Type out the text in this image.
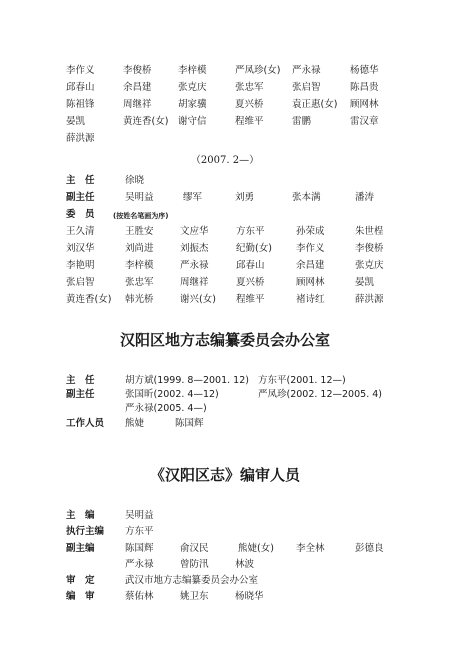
李作义	李俊桥	李梓模	严凤珍(女) 严永禄	杨德华
邱春山	余昌建	张克庆	张忠军	张启智	陈昌贵
陈祖锋	周继祥	胡家骥	夏兴桥	袁正惠(女) 顾网林
晏凯	黄连香(女) 谢守信	程维平	雷鹏	雷汉章
薛洪源
（2007. 2—）
主　任	徐晓
副主任	吴明益	缪军	刘勇	张本满	潘涛
委　员	(按姓名笔画为序)
王久清	王胜安	文应华	方东平	孙荣成	朱世桯
刘汉华	刘尚进	刘振杰	纪勤(女)	李作义	李俊桥
李艳明	李梓模	严永禄	邱春山	余昌建	张克庆
张启智	张忠军	周继祥	夏兴桥	顾网林	晏凯
黄连香(女) 韩光桥	谢兴(女) 程维平	褚诗红	薛洪源
汉阳区地方志编纂委员会办公室
主　任	胡方斌(1999. 8—2001. 12) 方东平(2001. 12—)
副主任	张国昕(2002. 4—12)	严凤珍(2002. 12—2005. 4)
严永禄(2005. 4—)
工作人员 熊婕	陈国辉
《汉阳区志》编审人员
主　编	吴明益
执行主编 方东平
副主编	陈国辉	俞汉民	熊婕(女) 李全林	彭德良
严永禄	曾防汛	林波
审　定	武汉市地方志编纂委员会办公室
编　审	蔡佑林	姚卫东	杨晓华
